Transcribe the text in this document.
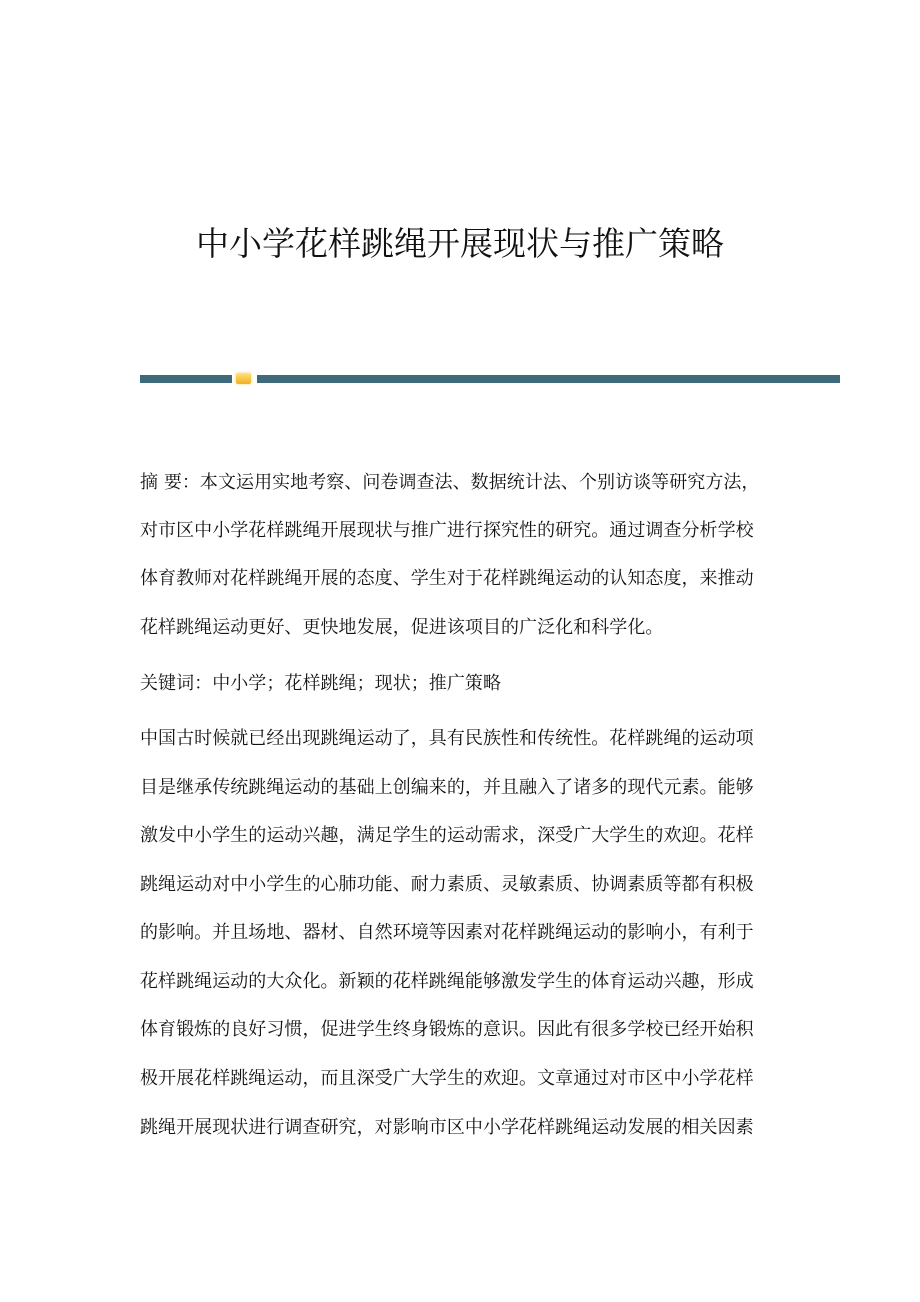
中小学花样跳绳开展现状与推广策略
摘 要：本文运用实地考察、问卷调查法、数据统计法、个别访谈等研究方法，
对市区中小学花样跳绳开展现状与推广进行探究性的研究。通过调查分析学校
体育教师对花样跳绳开展的态度、学生对于花样跳绳运动的认知态度，来推动
花样跳绳运动更好、更快地发展，促进该项目的广泛化和科学化。
关键词：中小学；花样跳绳；现状；推广策略
中国古时候就已经出现跳绳运动了，具有民族性和传统性。花样跳绳的运动项
目是继承传统跳绳运动的基础上创编来的，并且融入了诸多的现代元素。能够
激发中小学生的运动兴趣，满足学生的运动需求，深受广大学生的欢迎。花样
跳绳运动对中小学生的心肺功能、耐力素质、灵敏素质、协调素质等都有积极
的影响。并且场地、器材、自然环境等因素对花样跳绳运动的影响小，有利于
花样跳绳运动的大众化。新颖的花样跳绳能够激发学生的体育运动兴趣，形成
体育锻炼的良好习惯，促进学生终身锻炼的意识。因此有很多学校已经开始积
极开展花样跳绳运动，而且深受广大学生的欢迎。文章通过对市区中小学花样
跳绳开展现状进行调查研究，对影响市区中小学花样跳绳运动发展的相关因素
